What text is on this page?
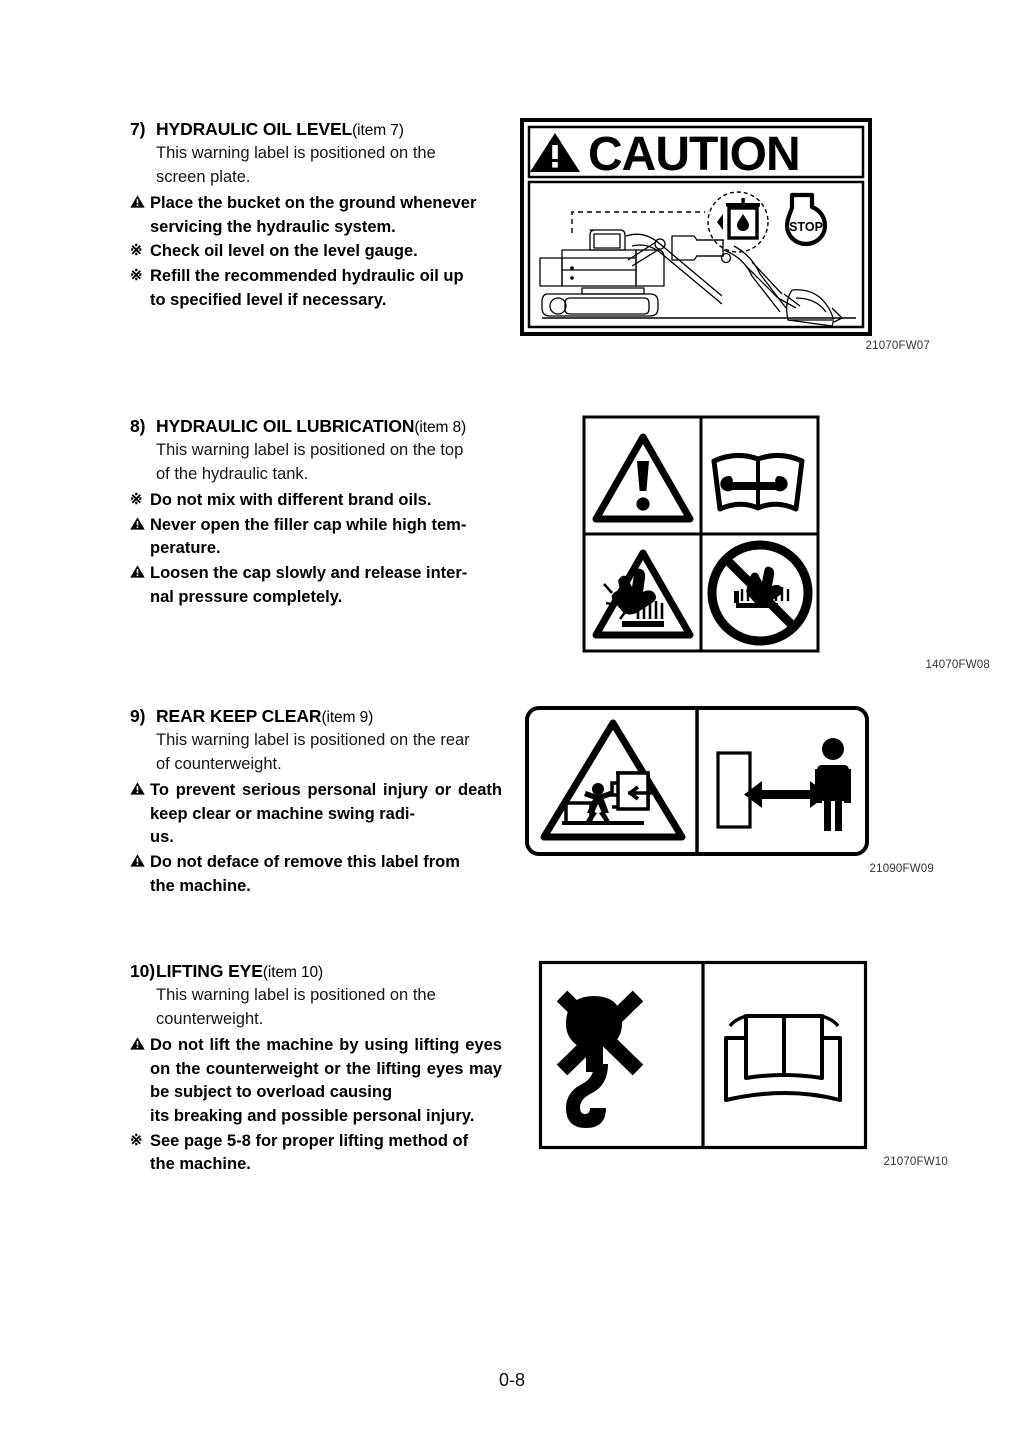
7) HYDRAULIC OIL LEVEL(item 7)

This warning label is positioned on the
screen plate.

Place the bucket on the ground whenever
servicing the hydraulic system.
※ Check oil level on the level gauge.
※ Refill the recommended hydraulic oil up
to specified level if necessary.
CAUTION
STOP
21070FW07

8) HYDRAULIC OIL LUBRICATION(item 8)

This warning label is positioned on the top
of the hydraulic tank.

※ Do not mix with different brand oils.
Never open the filler cap while high tem-
perature.
Loosen the cap slowly and release inter-
nal pressure completely.
14070FW08

9) REAR KEEP CLEAR(item 9)

This warning label is positioned on the rear
of counterweight.

To prevent serious personal injury or death keep clear or machine swing radi-
us.
Do not deface of remove this label from
the machine.
21090FW09

10)LIFTING EYE(item 10)

This warning label is positioned on the
counterweight.

Do not lift the machine by using lifting eyes on the counterweight or the lifting eyes may be subject to overload causing
its breaking and possible personal injury.
※ See page 5-8 for proper lifting method of
the machine.	21070FW10
0-8
